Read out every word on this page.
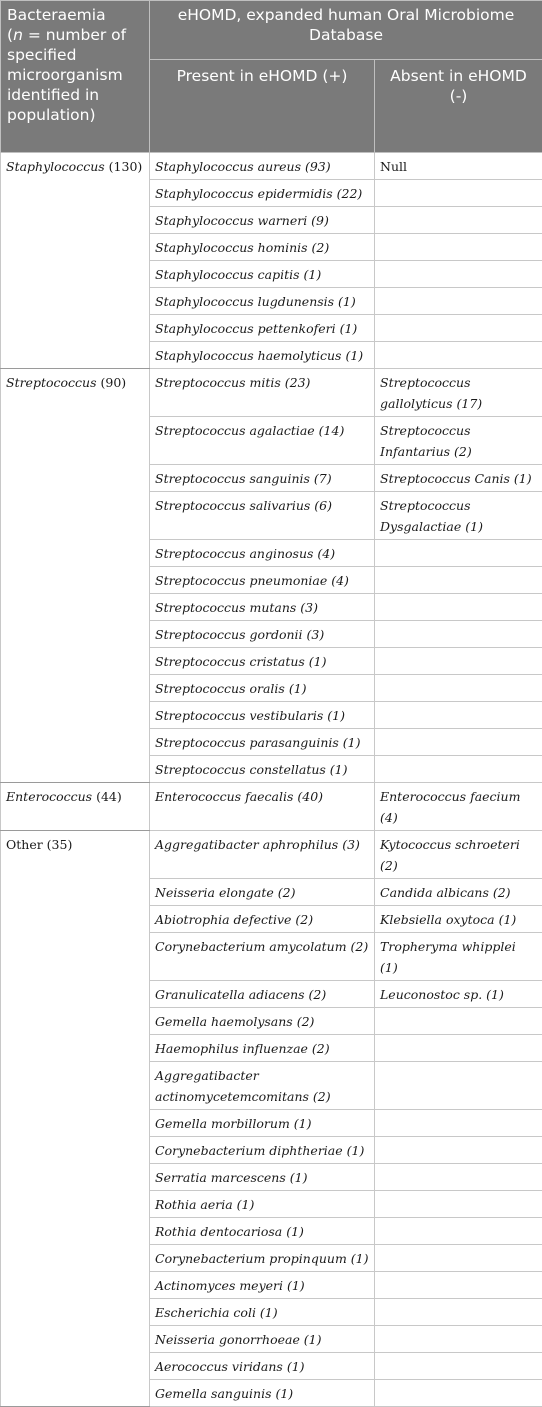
Bacteraemia
(n = number of specified microorganism identified in population)	eHOMD, expanded human Oral Microbiome Database	
	Present in eHOMD (+)	Absent in eHOMD (-)
Staphylococcus (130)	Staphylococcus aureus (93)	Null
	Staphylococcus epidermidis (22)	
	Staphylococcus warneri (9)	
	Staphylococcus hominis (2)	
	Staphylococcus capitis (1)	
	Staphylococcus lugdunensis (1)	
	Staphylococcus pettenkoferi (1)	
	Staphylococcus haemolyticus (1)	
Streptococcus (90)	Streptococcus mitis (23)	Streptococcus gallolyticus (17)
	Streptococcus agalactiae (14)	Streptococcus Infantarius (2)
	Streptococcus sanguinis (7)	Streptococcus Canis (1)
	Streptococcus salivarius (6)	Streptococcus Dysgalactiae (1)
	Streptococcus anginosus (4)	
	Streptococcus pneumoniae (4)	
	Streptococcus mutans (3)	
	Streptococcus gordonii (3)	
	Streptococcus cristatus (1)	
	Streptococcus oralis (1)	
	Streptococcus vestibularis (1)	
	Streptococcus parasanguinis (1)	
	Streptococcus constellatus (1)	
Enterococcus (44)	Enterococcus faecalis (40)	Enterococcus faecium (4)
Other (35)	Aggregatibacter aphrophilus (3)	Kytococcus schroeteri (2)
	Neisseria elongate (2)	Candida albicans (2)
	Abiotrophia defective (2)	Klebsiella oxytoca (1)
	Corynebacterium amycolatum (2)	Tropheryma whipplei (1)
	Granulicatella adiacens (2)	Leuconostoc sp. (1)
	Gemella haemolysans (2)	
	Haemophilus influenzae (2)	
	Aggregatibacter actinomycetemcomitans (2)	
	Gemella morbillorum (1)	
	Corynebacterium diphtheriae (1)	
	Serratia marcescens (1)	
	Rothia aeria (1)	
	Rothia dentocariosa (1)	
	Corynebacterium propinquum (1)	
	Actinomyces meyeri (1)	
	Escherichia coli (1)	
	Neisseria gonorrhoeae (1)	
	Aerococcus viridans (1)	
	Gemella sanguinis (1)	
